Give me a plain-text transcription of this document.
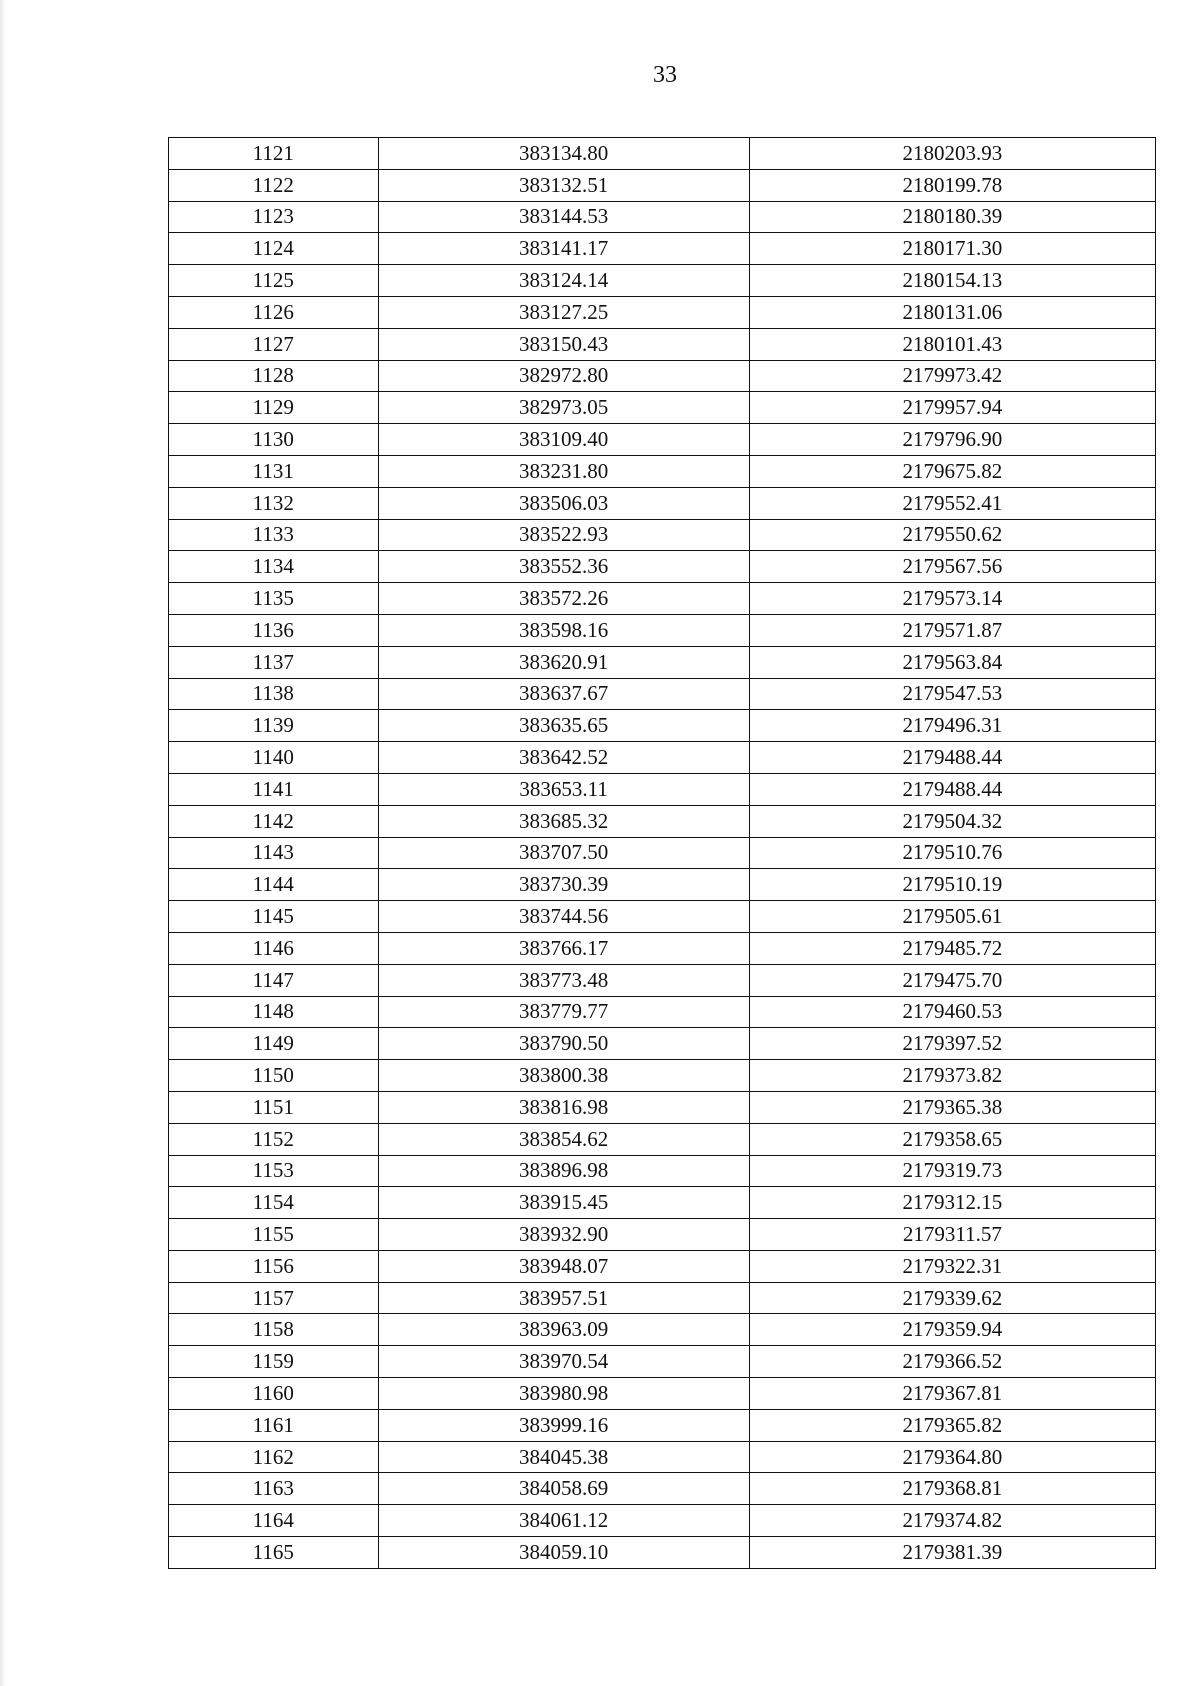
33
1121	383134.80	2180203.93
1122	383132.51	2180199.78
1123	383144.53	2180180.39
1124	383141.17	2180171.30
1125	383124.14	2180154.13
1126	383127.25	2180131.06
1127	383150.43	2180101.43
1128	382972.80	2179973.42
1129	382973.05	2179957.94
1130	383109.40	2179796.90
1131	383231.80	2179675.82
1132	383506.03	2179552.41
1133	383522.93	2179550.62
1134	383552.36	2179567.56
1135	383572.26	2179573.14
1136	383598.16	2179571.87
1137	383620.91	2179563.84
1138	383637.67	2179547.53
1139	383635.65	2179496.31
1140	383642.52	2179488.44
1141	383653.11	2179488.44
1142	383685.32	2179504.32
1143	383707.50	2179510.76
1144	383730.39	2179510.19
1145	383744.56	2179505.61
1146	383766.17	2179485.72
1147	383773.48	2179475.70
1148	383779.77	2179460.53
1149	383790.50	2179397.52
1150	383800.38	2179373.82
1151	383816.98	2179365.38
1152	383854.62	2179358.65
1153	383896.98	2179319.73
1154	383915.45	2179312.15
1155	383932.90	2179311.57
1156	383948.07	2179322.31
1157	383957.51	2179339.62
1158	383963.09	2179359.94
1159	383970.54	2179366.52
1160	383980.98	2179367.81
1161	383999.16	2179365.82
1162	384045.38	2179364.80
1163	384058.69	2179368.81
1164	384061.12	2179374.82
1165	384059.10	2179381.39
